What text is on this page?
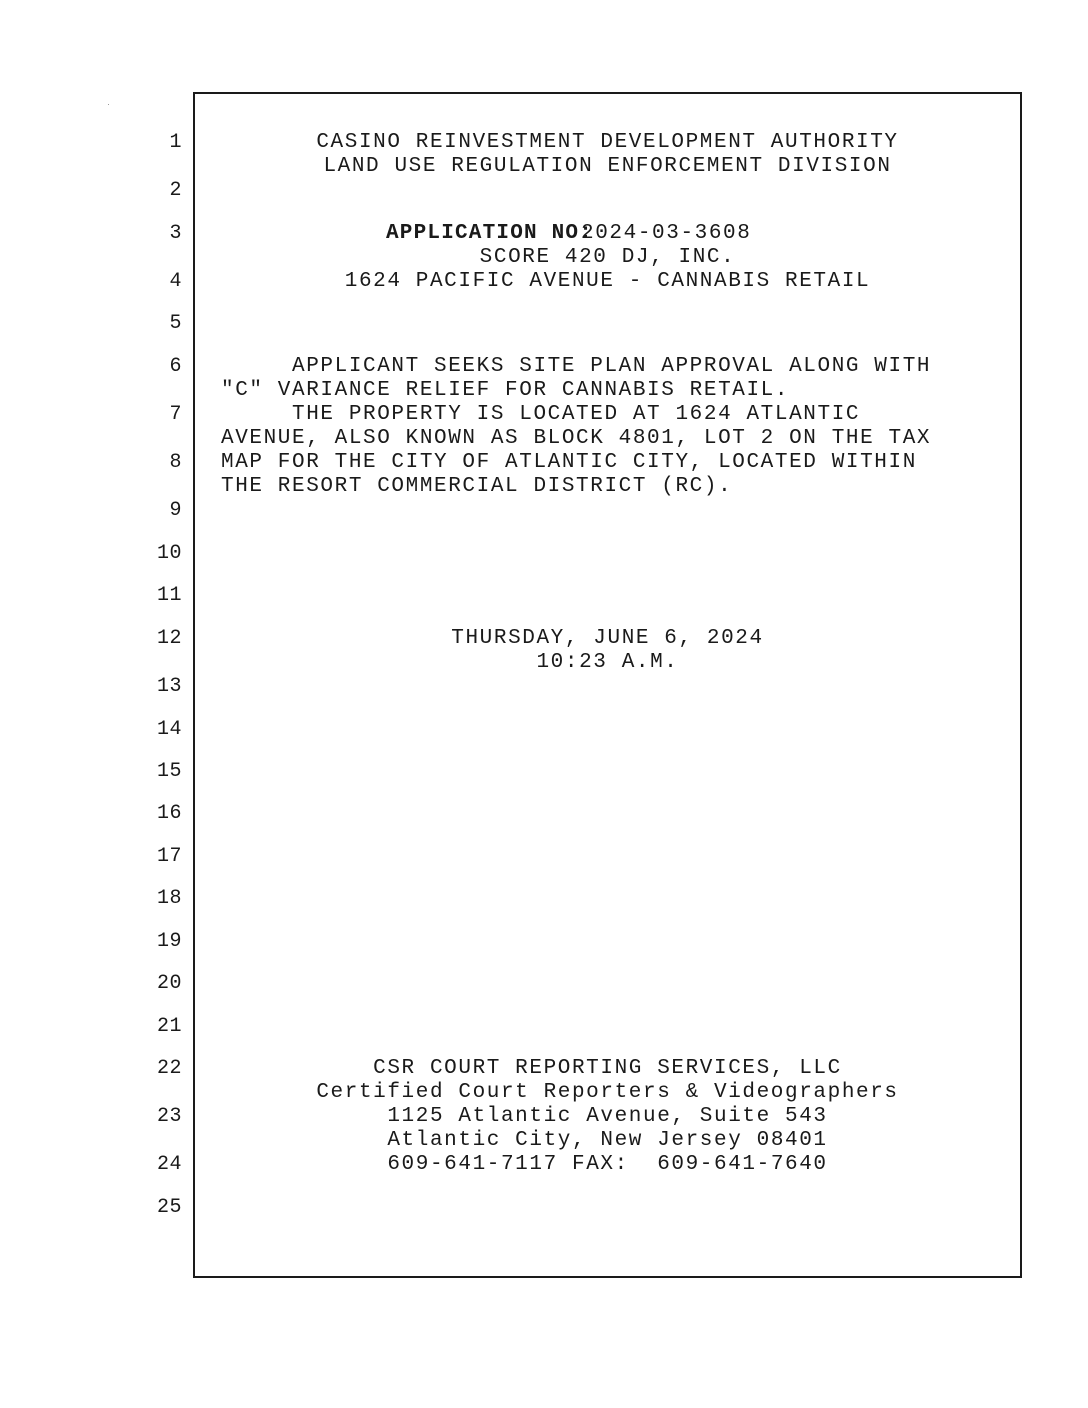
1
2
3
4
5
6
7
8
9
10
11
12
13
14
15
16
17
18
19
20
21
22
23
24
25
CASINO REINVESTMENT DEVELOPMENT AUTHORITY
LAND USE REGULATION ENFORCEMENT DIVISION
APPLICATION NO:2024-03-3608
SCORE 420 DJ, INC.
1624 PACIFIC AVENUE - CANNABIS RETAIL
APPLICANT SEEKS SITE PLAN APPROVAL ALONG WITH
"C" VARIANCE RELIEF FOR CANNABIS RETAIL.
THE PROPERTY IS LOCATED AT 1624 ATLANTIC
AVENUE, ALSO KNOWN AS BLOCK 4801, LOT 2 ON THE TAX
MAP FOR THE CITY OF ATLANTIC CITY, LOCATED WITHIN
THE RESORT COMMERCIAL DISTRICT (RC).
THURSDAY, JUNE 6, 2024
10:23 A.M.
CSR COURT REPORTING SERVICES, LLC
Certified Court Reporters & Videographers
1125 Atlantic Avenue, Suite 543
Atlantic City, New Jersey 08401
609-641-7117 FAX:  609-641-7640
